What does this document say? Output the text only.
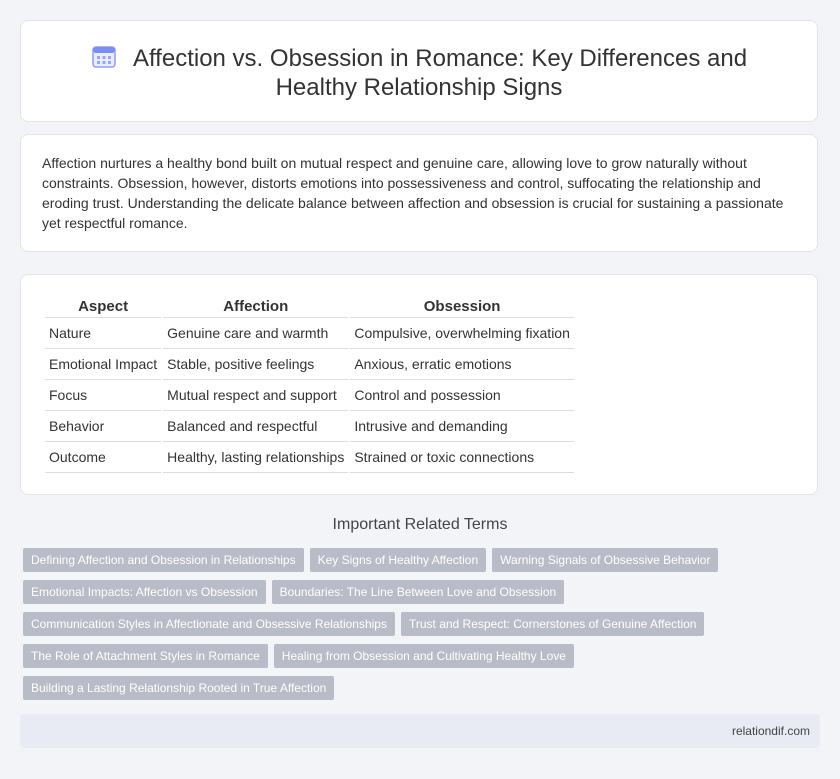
Affection vs. Obsession in Romance: Key Differences and Healthy Relationship Signs

Affection nurtures a healthy bond built on mutual respect and genuine care, allowing love to grow naturally without constraints. Obsession, however, distorts emotions into possessiveness and control, suffocating the relationship and eroding trust. Understanding the delicate balance between affection and obsession is crucial for sustaining a passionate yet respectful romance.

Aspect	Affection	Obsession
Nature	Genuine care and warmth	Compulsive, overwhelming fixation
Emotional Impact	Stable, positive feelings	Anxious, erratic emotions
Focus	Mutual respect and support	Control and possession
Behavior	Balanced and respectful	Intrusive and demanding
Outcome	Healthy, lasting relationships	Strained or toxic connections
Important Related Terms
Defining Affection and Obsession in Relationships Key Signs of Healthy Affection Warning Signals of Obsessive Behavior
Emotional Impacts: Affection vs Obsession Boundaries: The Line Between Love and Obsession
Communication Styles in Affectionate and Obsessive Relationships Trust and Respect: Cornerstones of Genuine Affection
The Role of Attachment Styles in Romance Healing from Obsession and Cultivating Healthy Love
Building a Lasting Relationship Rooted in True Affection
relationdif.com
